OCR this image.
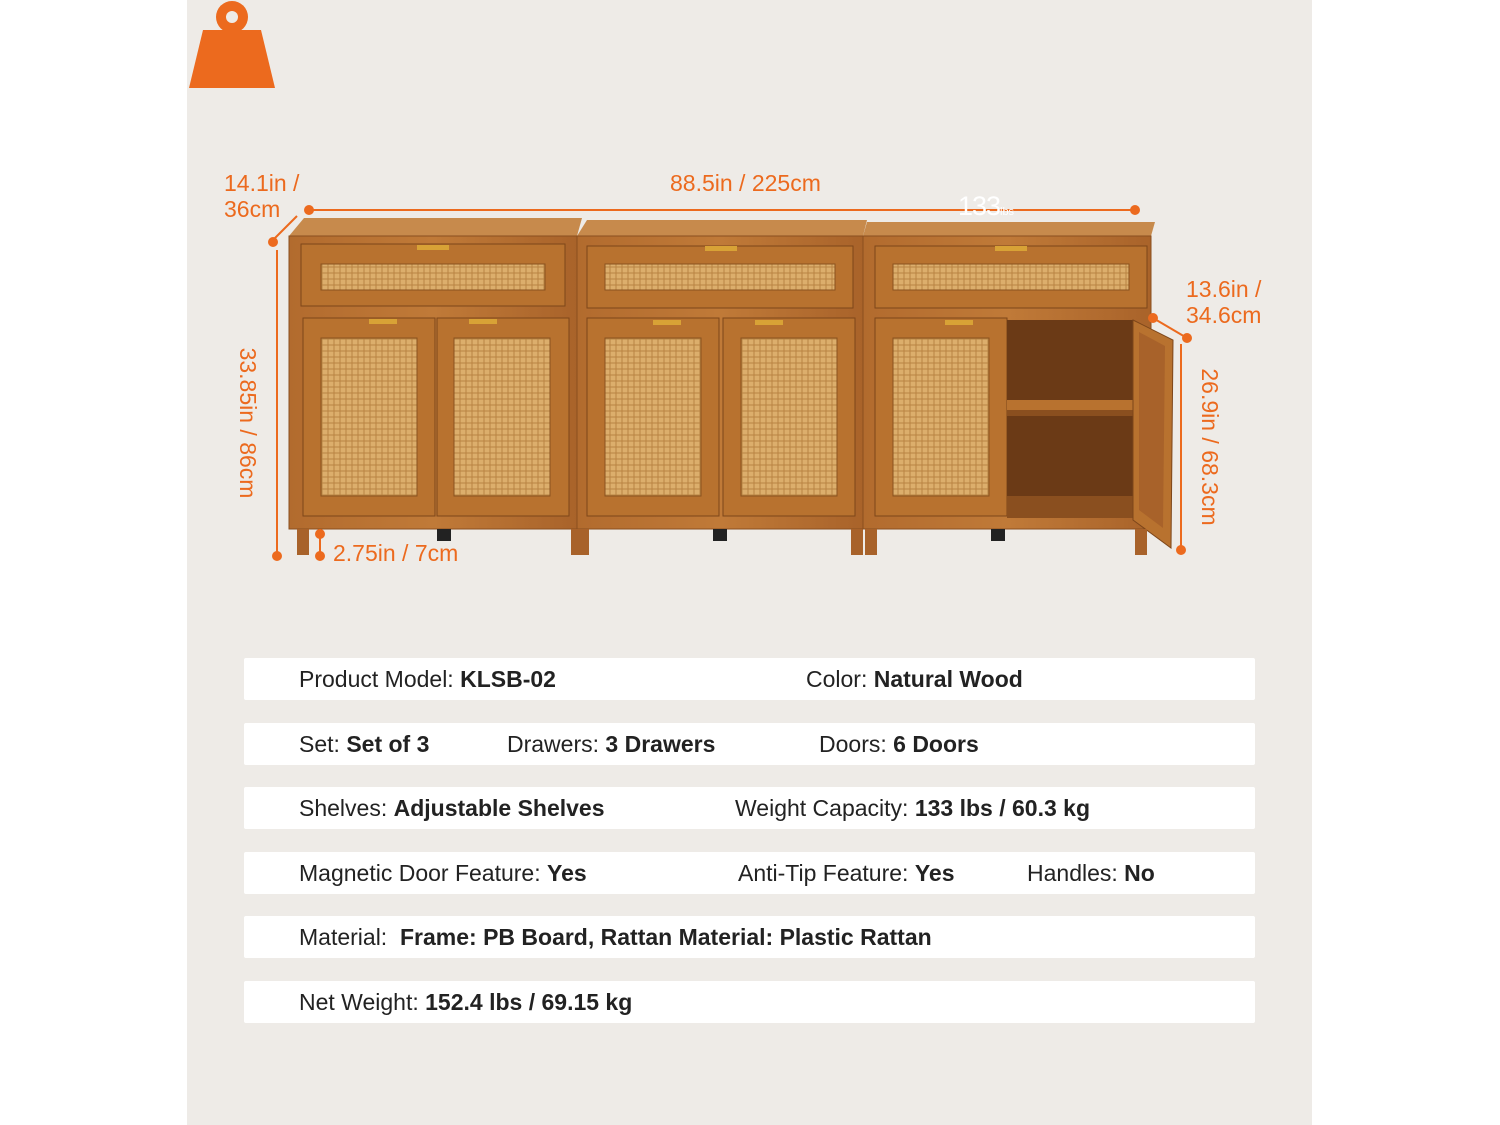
14.1in /
36cm
88.5in / 225cm
33.85in / 86cm
2.75in / 7cm
13.6in /
34.6cm
26.9in / 68.3cm
133lbs
Product Model: KLSB-02	Color: Natural Wood
Set: Set of 3	Drawers: 3 Drawers	Doors: 6 Doors
Shelves: Adjustable Shelves	Weight Capacity: 133 lbs / 60.3 kg
Magnetic Door Feature: Yes	Anti-Tip Feature: Yes	Handles: No
Material:  Frame: PB Board, Rattan Material: Plastic Rattan
Net Weight: 152.4 lbs / 69.15 kg
